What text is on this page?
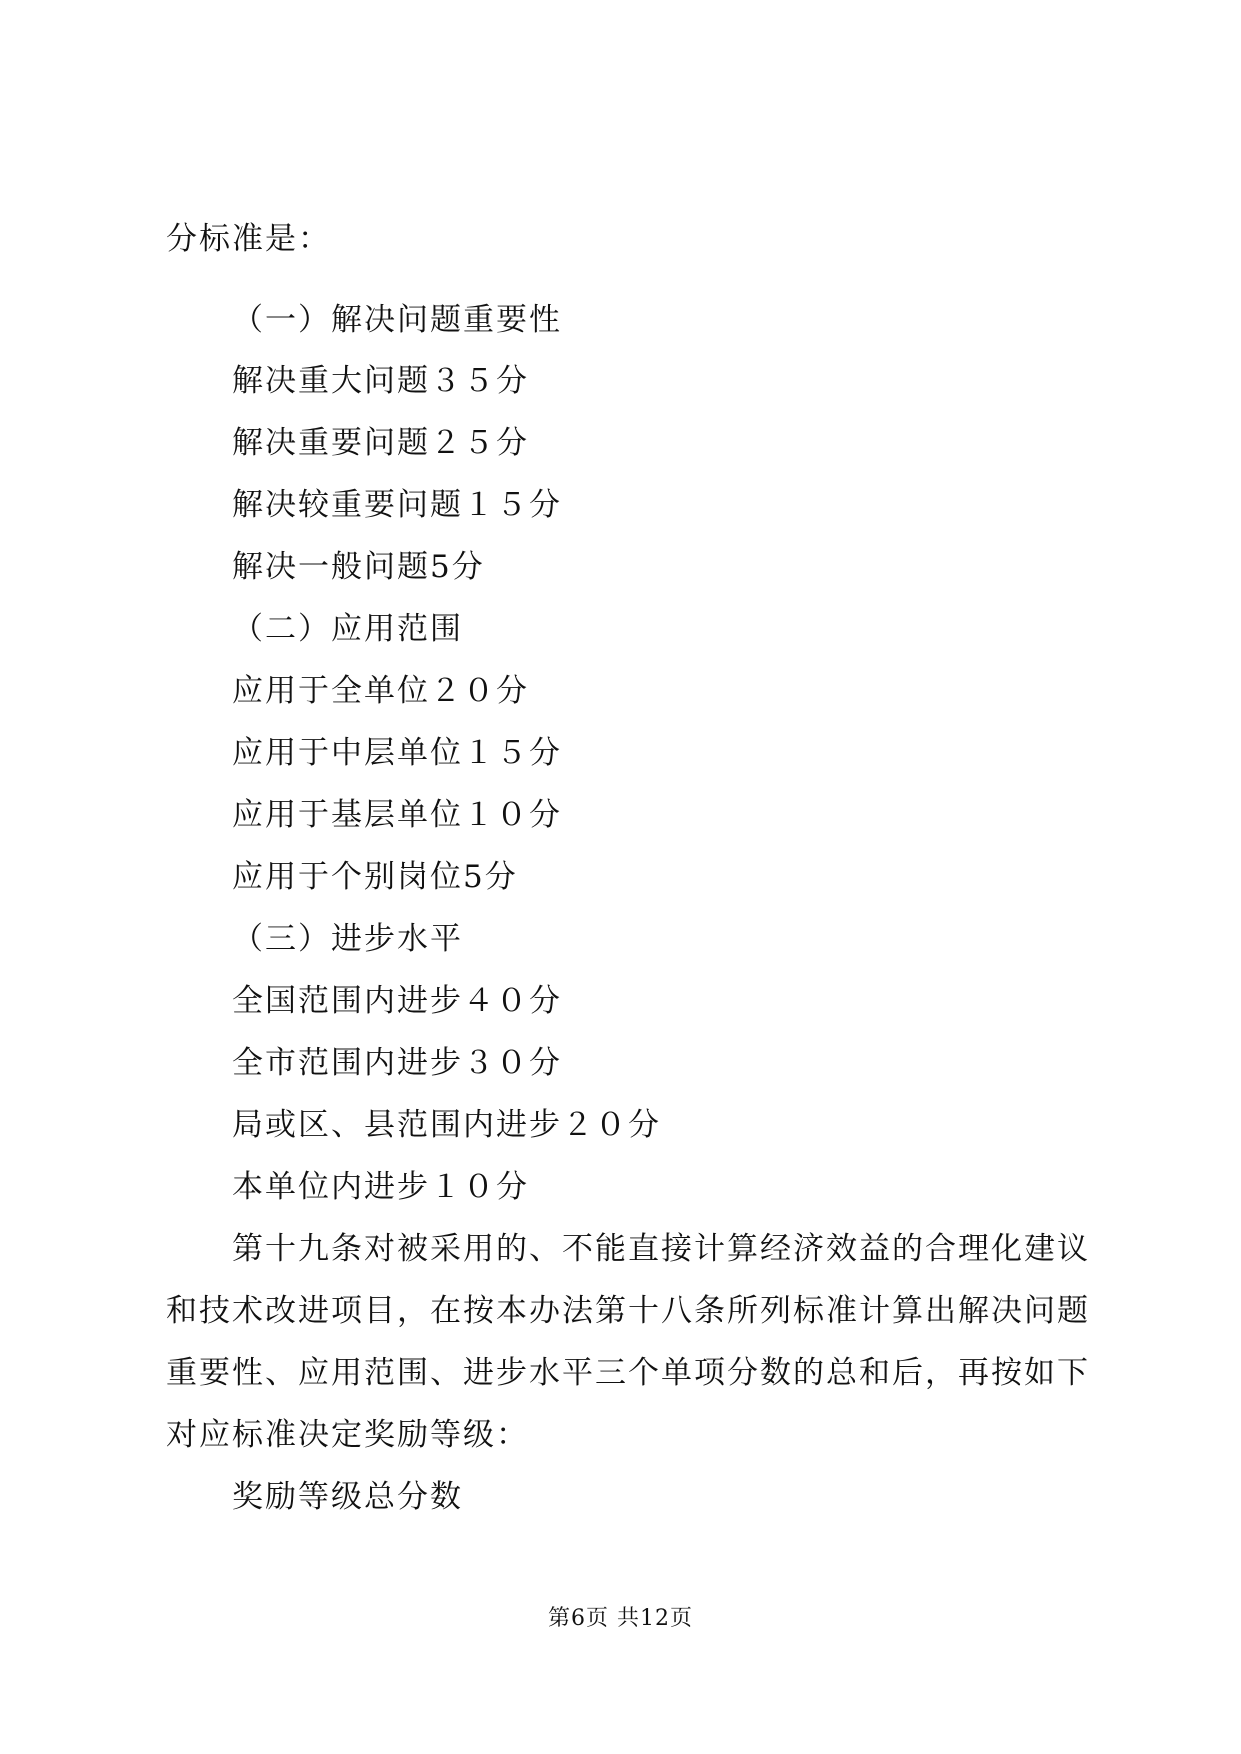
分标准是：
（一）解决问题重要性
解决重大问题３５分
解决重要问题２５分
解决较重要问题１５分
解决一般问题5分
（二）应用范围
应用于全单位２０分
应用于中层单位１５分
应用于基层单位１０分
应用于个别岗位5分
（三）进步水平
全国范围内进步４０分
全市范围内进步３０分
局或区、县范围内进步２０分
本单位内进步１０分
第十九条对被采用的、不能直接计算经济效益的合理化建议
和技术改进项目，在按本办法第十八条所列标准计算出解决问题
重要性、应用范围、进步水平三个单项分数的总和后，再按如下
对应标准决定奖励等级：
奖励等级总分数
第6页 共12页
